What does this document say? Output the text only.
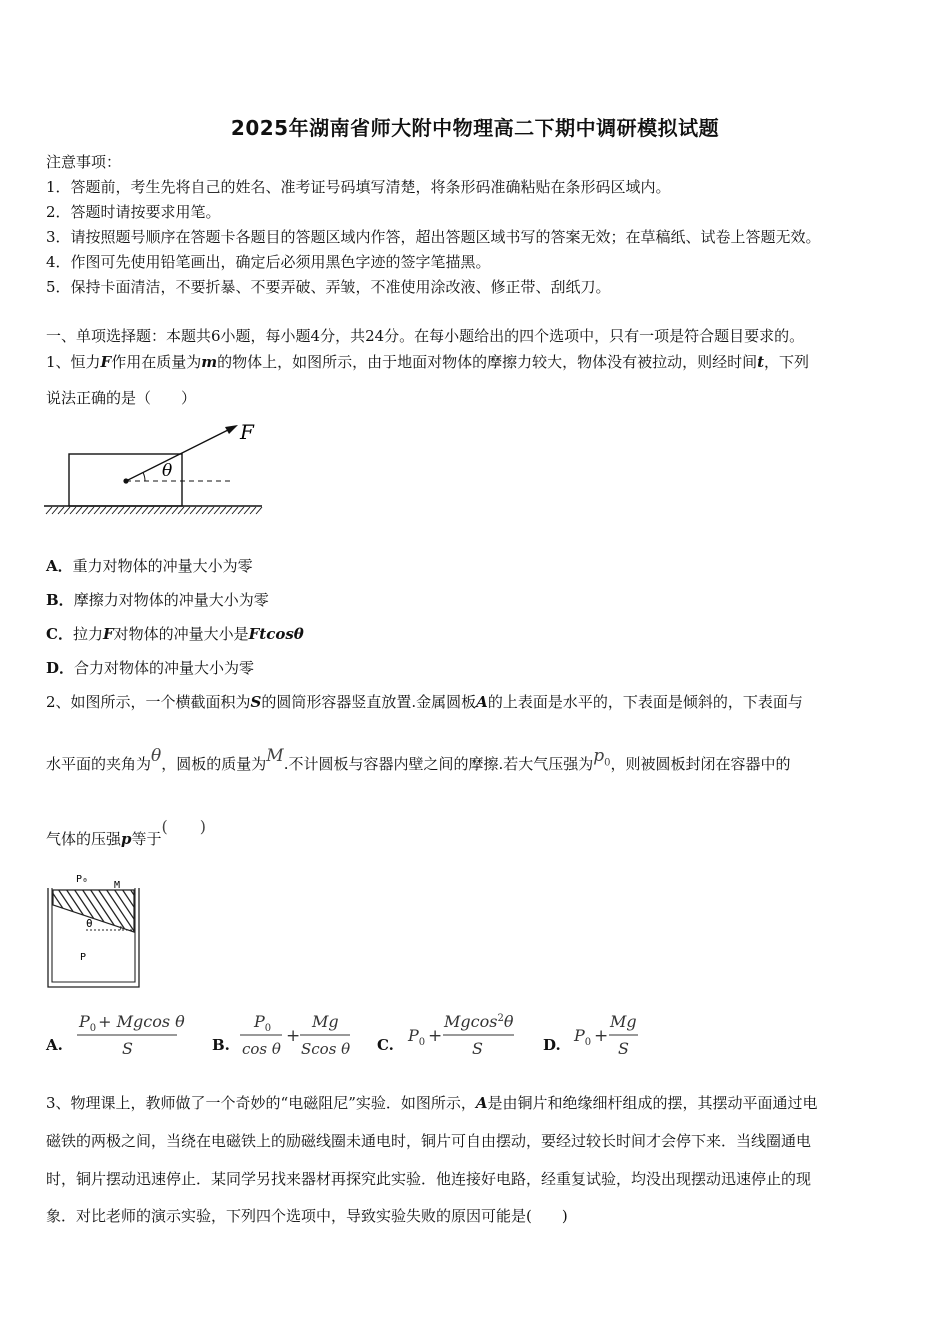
2025年湖南省师大附中物理高二下期中调研模拟试题
注意事项：
1．答题前，考生先将自己的姓名、准考证号码填写清楚，将条形码准确粘贴在条形码区域内。
2．答题时请按要求用笔。
3．请按照题号顺序在答题卡各题目的答题区域内作答，超出答题区域书写的答案无效；在草稿纸、试卷上答题无效。
4．作图可先使用铅笔画出，确定后必须用黑色字迹的签字笔描黑。
5．保持卡面清洁，不要折暴、不要弄破、弄皱，不准使用涂改液、修正带、刮纸刀。
一、单项选择题：本题共6小题，每小题4分，共24分。在每小题给出的四个选项中，只有一项是符合题目要求的。
1、恒力F作用在质量为m的物体上，如图所示，由于地面对物体的摩擦力较大，物体没有被拉动，则经时间t，下列
说法正确的是（　　）
F
θ
A．重力对物体的冲量大小为零
B．摩擦力对物体的冲量大小为零
C．拉力F对物体的冲量大小是Ftcosθ
D．合力对物体的冲量大小为零
2、如图所示，一个横截面积为S的圆筒形容器竖直放置.金属圆板A的上表面是水平的，下表面是倾斜的，下表面与
水平面的夹角为θ，圆板的质量为M.不计圆板与容器内壁之间的摩擦.若大气压强为$p_0$，则被圆板封闭在容器中的
气体的压强p等于(　　)
P₀
M
θ
P
A.
$P_0 + Mgcos$ θ
S	B.
$P_0$
cos θ
+
Mg
Scos θ C. $P_0$ +
Mgcos$^2$θ
S	D. $P_0$ +
Mg
S
3、物理课上，教师做了一个奇妙的“电磁阻尼”实验．如图所示，A是由铜片和绝缘细杆组成的摆，其摆动平面通过电
磁铁的两极之间，当绕在电磁铁上的励磁线圈未通电时，铜片可自由摆动，要经过较长时间才会停下来．当线圈通电
时，铜片摆动迅速停止．某同学另找来器材再探究此实验．他连接好电路，经重复试验，均没出现摆动迅速停止的现
象．对比老师的演示实验，下列四个选项中，导致实验失败的原因可能是(　　)
